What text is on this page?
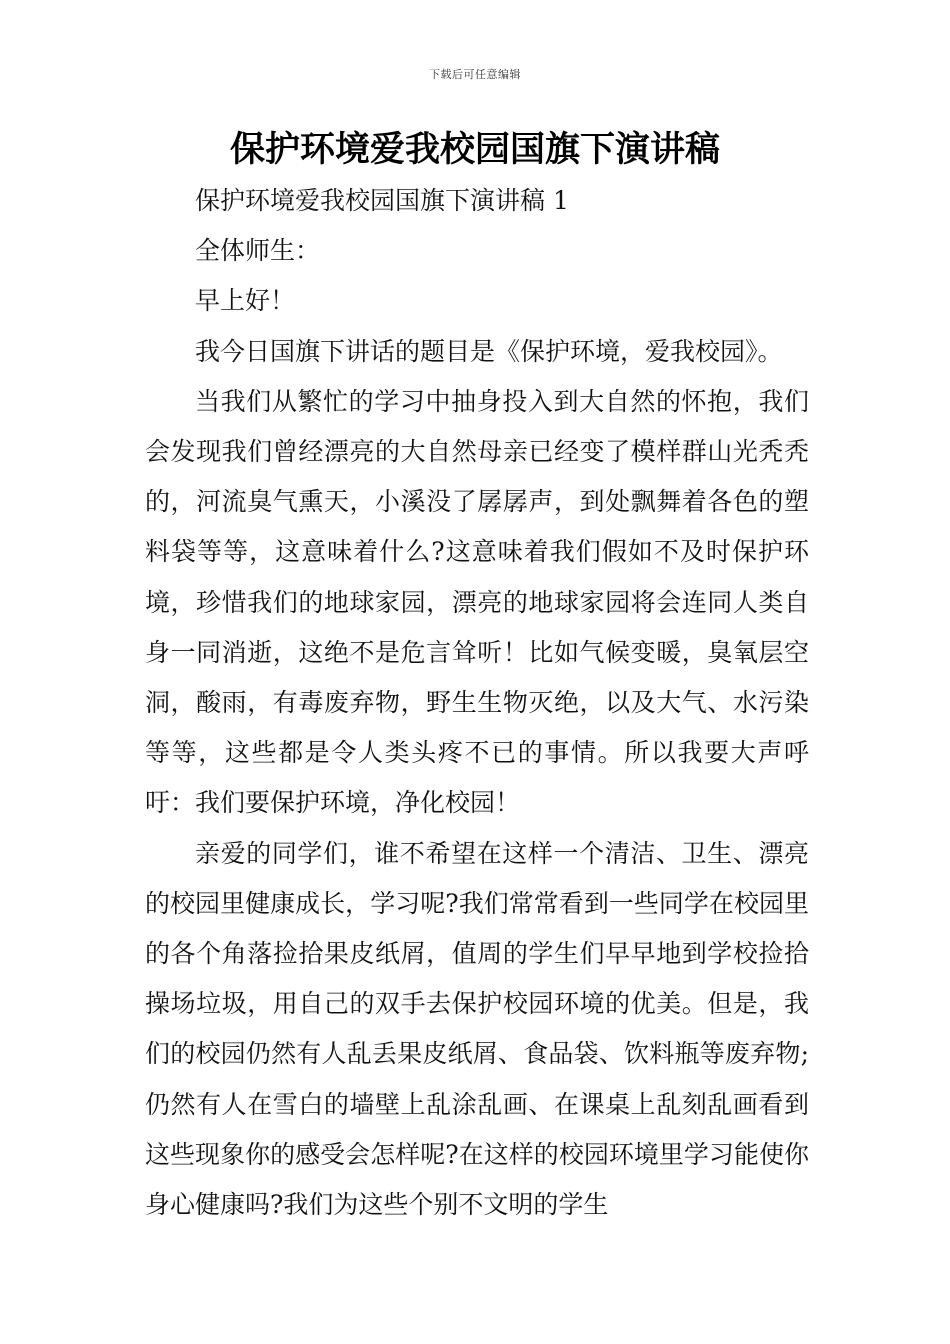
下载后可任意编辑
保护环境爱我校园国旗下演讲稿

保护环境爱我校园国旗下演讲稿 1

全体师生：

早上好！

我今日国旗下讲话的题目是《保护环境，爱我校园》。

当我们从繁忙的学习中抽身投入到大自然的怀抱，我们会发现我们曾经漂亮的大自然母亲已经变了模样群山光秃秃的，河流臭气熏天，小溪没了孱孱声，到处飘舞着各色的塑料袋等等，这意味着什么?这意味着我们假如不及时保护环境，珍惜我们的地球家园，漂亮的地球家园将会连同人类自身一同消逝，这绝不是危言耸听！比如气候变暖，臭氧层空洞，酸雨，有毒废弃物，野生生物灭绝，以及大气、水污染等等，这些都是令人类头疼不已的事情。所以我要大声呼吁：我们要保护环境，净化校园！

亲爱的同学们，谁不希望在这样一个清洁、卫生、漂亮的校园里健康成长，学习呢?我们常常看到一些同学在校园里的各个角落捡拾果皮纸屑，值周的学生们早早地到学校捡拾操场垃圾，用自己的双手去保护校园环境的优美。但是，我们的校园仍然有人乱丢果皮纸屑、食品袋、饮料瓶等废弃物;仍然有人在雪白的墙壁上乱涂乱画、在课桌上乱刻乱画看到这些现象你的感受会怎样呢?在这样的校园环境里学习能使你身心健康吗?我们为这些个别不文明的学生
